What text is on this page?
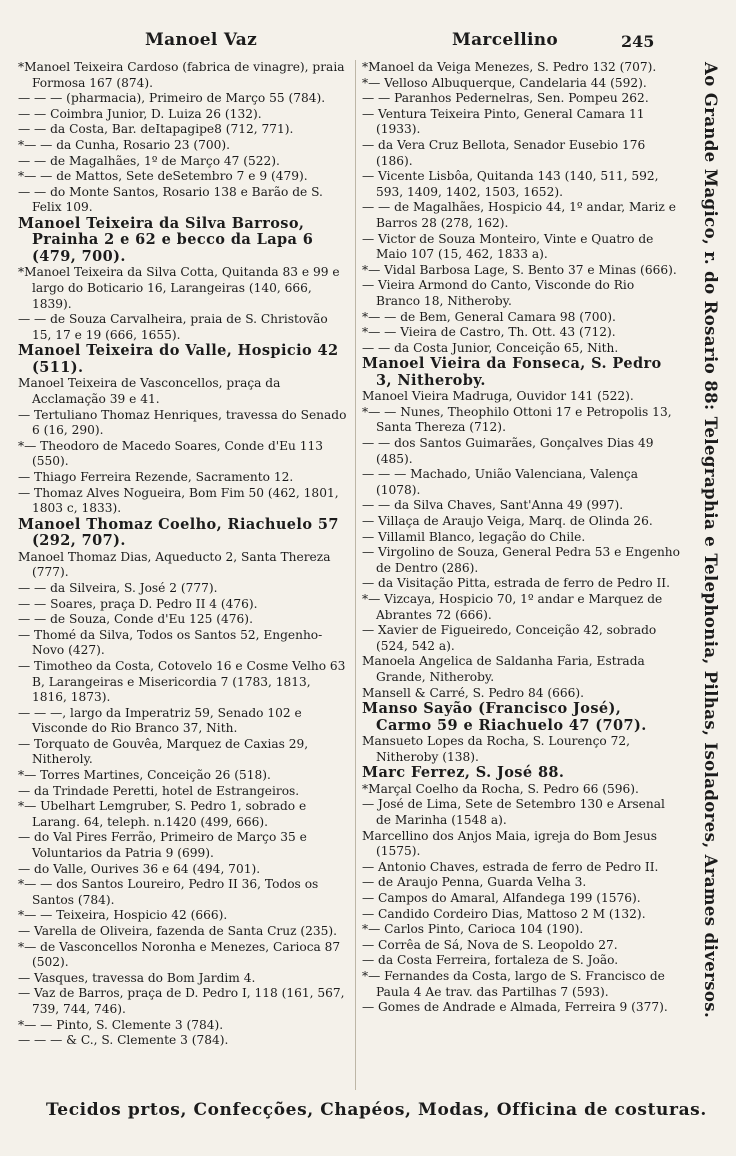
Manoel Vaz	Marcellino	245

*Manoel Teixeira Cardoso (fabrica de vinagre), praia Formosa 167 (874).

— — — (pharmacia), Primeiro de Março 55 (784).

— — Coimbra Junior, D. Luiza 26 (132).

— — da Costa, Bar. deItapagipe8 (712, 771).

*— — da Cunha, Rosario 23 (700).

— — de Magalhães, 1º de Março 47 (522).

*— — de Mattos, Sete deSetembro 7 e 9 (479).

— — do Monte Santos, Rosario 138 e Barão de S. Felix 109.

Manoel Teixeira da Silva Barroso, Prainha 2 e 62 e becco da Lapa 6 (479, 700).

*Manoel Teixeira da Silva Cotta, Quitanda 83 e 99 e largo do Boticario 16, Larangeiras (140, 666, 1839).

— — de Souza Carvalheira, praia de S. Christovão 15, 17 e 19 (666, 1655).

Manoel Teixeira do Valle, Hospicio 42 (511).

Manoel Teixeira de Vasconcellos, praça da Acclamação 39 e 41.

— Tertuliano Thomaz Henriques, travessa do Senado 6 (16, 290).

*— Theodoro de Macedo Soares, Conde d'Eu 113 (550).

— Thiago Ferreira Rezende, Sacramento 12.

— Thomaz Alves Nogueira, Bom Fim 50 (462, 1801, 1803 c, 1833).

Manoel Thomaz Coelho, Riachuelo 57 (292, 707).

Manoel Thomaz Dias, Aqueducto 2, Santa Thereza (777).

— — da Silveira, S. José 2 (777).

— — Soares, praça D. Pedro II 4 (476).

— — de Souza, Conde d'Eu 125 (476).

— Thomé da Silva, Todos os Santos 52, Engenho-Novo (427).

— Timotheo da Costa, Cotovelo 16 e Cosme Velho 63 B, Larangeiras e Misericordia 7 (1783, 1813, 1816, 1873).

— — —, largo da Imperatriz 59, Senado 102 e Visconde do Rio Branco 37, Nith.

— Torquato de Gouvêa, Marquez de Caxias 29, Nitheroly.

*— Torres Martines, Conceição 26 (518).

— da Trindade Peretti, hotel de Estrangeiros.

*— Ubelhart Lemgruber, S. Pedro 1, sobrado e Larang. 64, teleph. n.1420 (499, 666).

— do Val Pires Ferrão, Primeiro de Março 35 e Voluntarios da Patria 9 (699).

— do Valle, Ourives 36 e 64 (494, 701).

*— — dos Santos Loureiro, Pedro II 36, Todos os Santos (784).

*— — Teixeira, Hospicio 42 (666).

— Varella de Oliveira, fazenda de Santa Cruz (235).

*— de Vasconcellos Noronha e Menezes, Carioca 87 (502).

— Vasques, travessa do Bom Jardim 4.

— Vaz de Barros, praça de D. Pedro I, 118 (161, 567, 739, 744, 746).

*— — Pinto, S. Clemente 3 (784).

— — — & C., S. Clemente 3 (784).

*Manoel da Veiga Menezes, S. Pedro 132 (707).

*— Velloso Albuquerque, Candelaria 44 (592).

— — Paranhos Pedernelras, Sen. Pompeu 262.

— Ventura Teixeira Pinto, General Camara 11 (1933).

— da Vera Cruz Bellota, Senador Eusebio 176 (186).

— Vicente Lisbôa, Quitanda 143 (140, 511, 592, 593, 1409, 1402, 1503, 1652).

— — de Magalhães, Hospicio 44, 1º andar, Mariz e Barros 28 (278, 162).

— Victor de Souza Monteiro, Vinte e Quatro de Maio 107 (15, 462, 1833 a).

*— Vidal Barbosa Lage, S. Bento 37 e Minas (666).

— Vieira Armond do Canto, Visconde do Rio Branco 18, Nitheroby.

*— — de Bem, General Camara 98 (700).

*— — Vieira de Castro, Th. Ott. 43 (712).

— — da Costa Junior, Conceição 65, Nith.

Manoel Vieira da Fonseca, S. Pedro 3, Nitheroby.

Manoel Vieira Madruga, Ouvidor 141 (522).

*— — Nunes, Theophilo Ottoni 17 e Petropolis 13, Santa Thereza (712).

— — dos Santos Guimarães, Gonçalves Dias 49 (485).

— — — Machado, União Valenciana, Valença (1078).

— — da Silva Chaves, Sant'Anna 49 (997).

— Villaça de Araujo Veiga, Marq. de Olinda 26.

— Villamil Blanco, legação do Chile.

— Virgolino de Souza, General Pedra 53 e Engenho de Dentro (286).

— da Visitação Pitta, estrada de ferro de Pedro II.

*— Vizcaya, Hospicio 70, 1º andar e Marquez de Abrantes 72 (666).

— Xavier de Figueiredo, Conceição 42, sobrado (524, 542 a).

Manoela Angelica de Saldanha Faria, Estrada Grande, Nitheroby.

Mansell & Carré, S. Pedro 84 (666).

Manso Sayão (Francisco José), Carmo 59 e Riachuelo 47 (707).

Mansueto Lopes da Rocha, S. Lourenço 72, Nitheroby (138).

Marc Ferrez, S. José 88.

*Marçal Coelho da Rocha, S. Pedro 66 (596).

— José de Lima, Sete de Setembro 130 e Arsenal de Marinha (1548 a).

Marcellino dos Anjos Maia, igreja do Bom Jesus (1575).

— Antonio Chaves, estrada de ferro de Pedro II.

— de Araujo Penna, Guarda Velha 3.

— Campos do Amaral, Alfandega 199 (1576).

— Candido Cordeiro Dias, Mattoso 2 M (132).

*— Carlos Pinto, Carioca 104 (190).

— Corrêa de Sá, Nova de S. Leopoldo 27.

— da Costa Ferreira, fortaleza de S. João.

*— Fernandes da Costa, largo de S. Francisco de Paula 4 Ae trav. das Partilhas 7 (593).

— Gomes de Andrade e Almada, Ferreira 9 (377).	Ao Grande Magico, r. do Rosario 88: Telegraphia e Telephonia, Pilhas, Isoladores, Arames diversos.
Tecidos prtos, Confecções, Chapéos, Modas, Officina de costuras.
